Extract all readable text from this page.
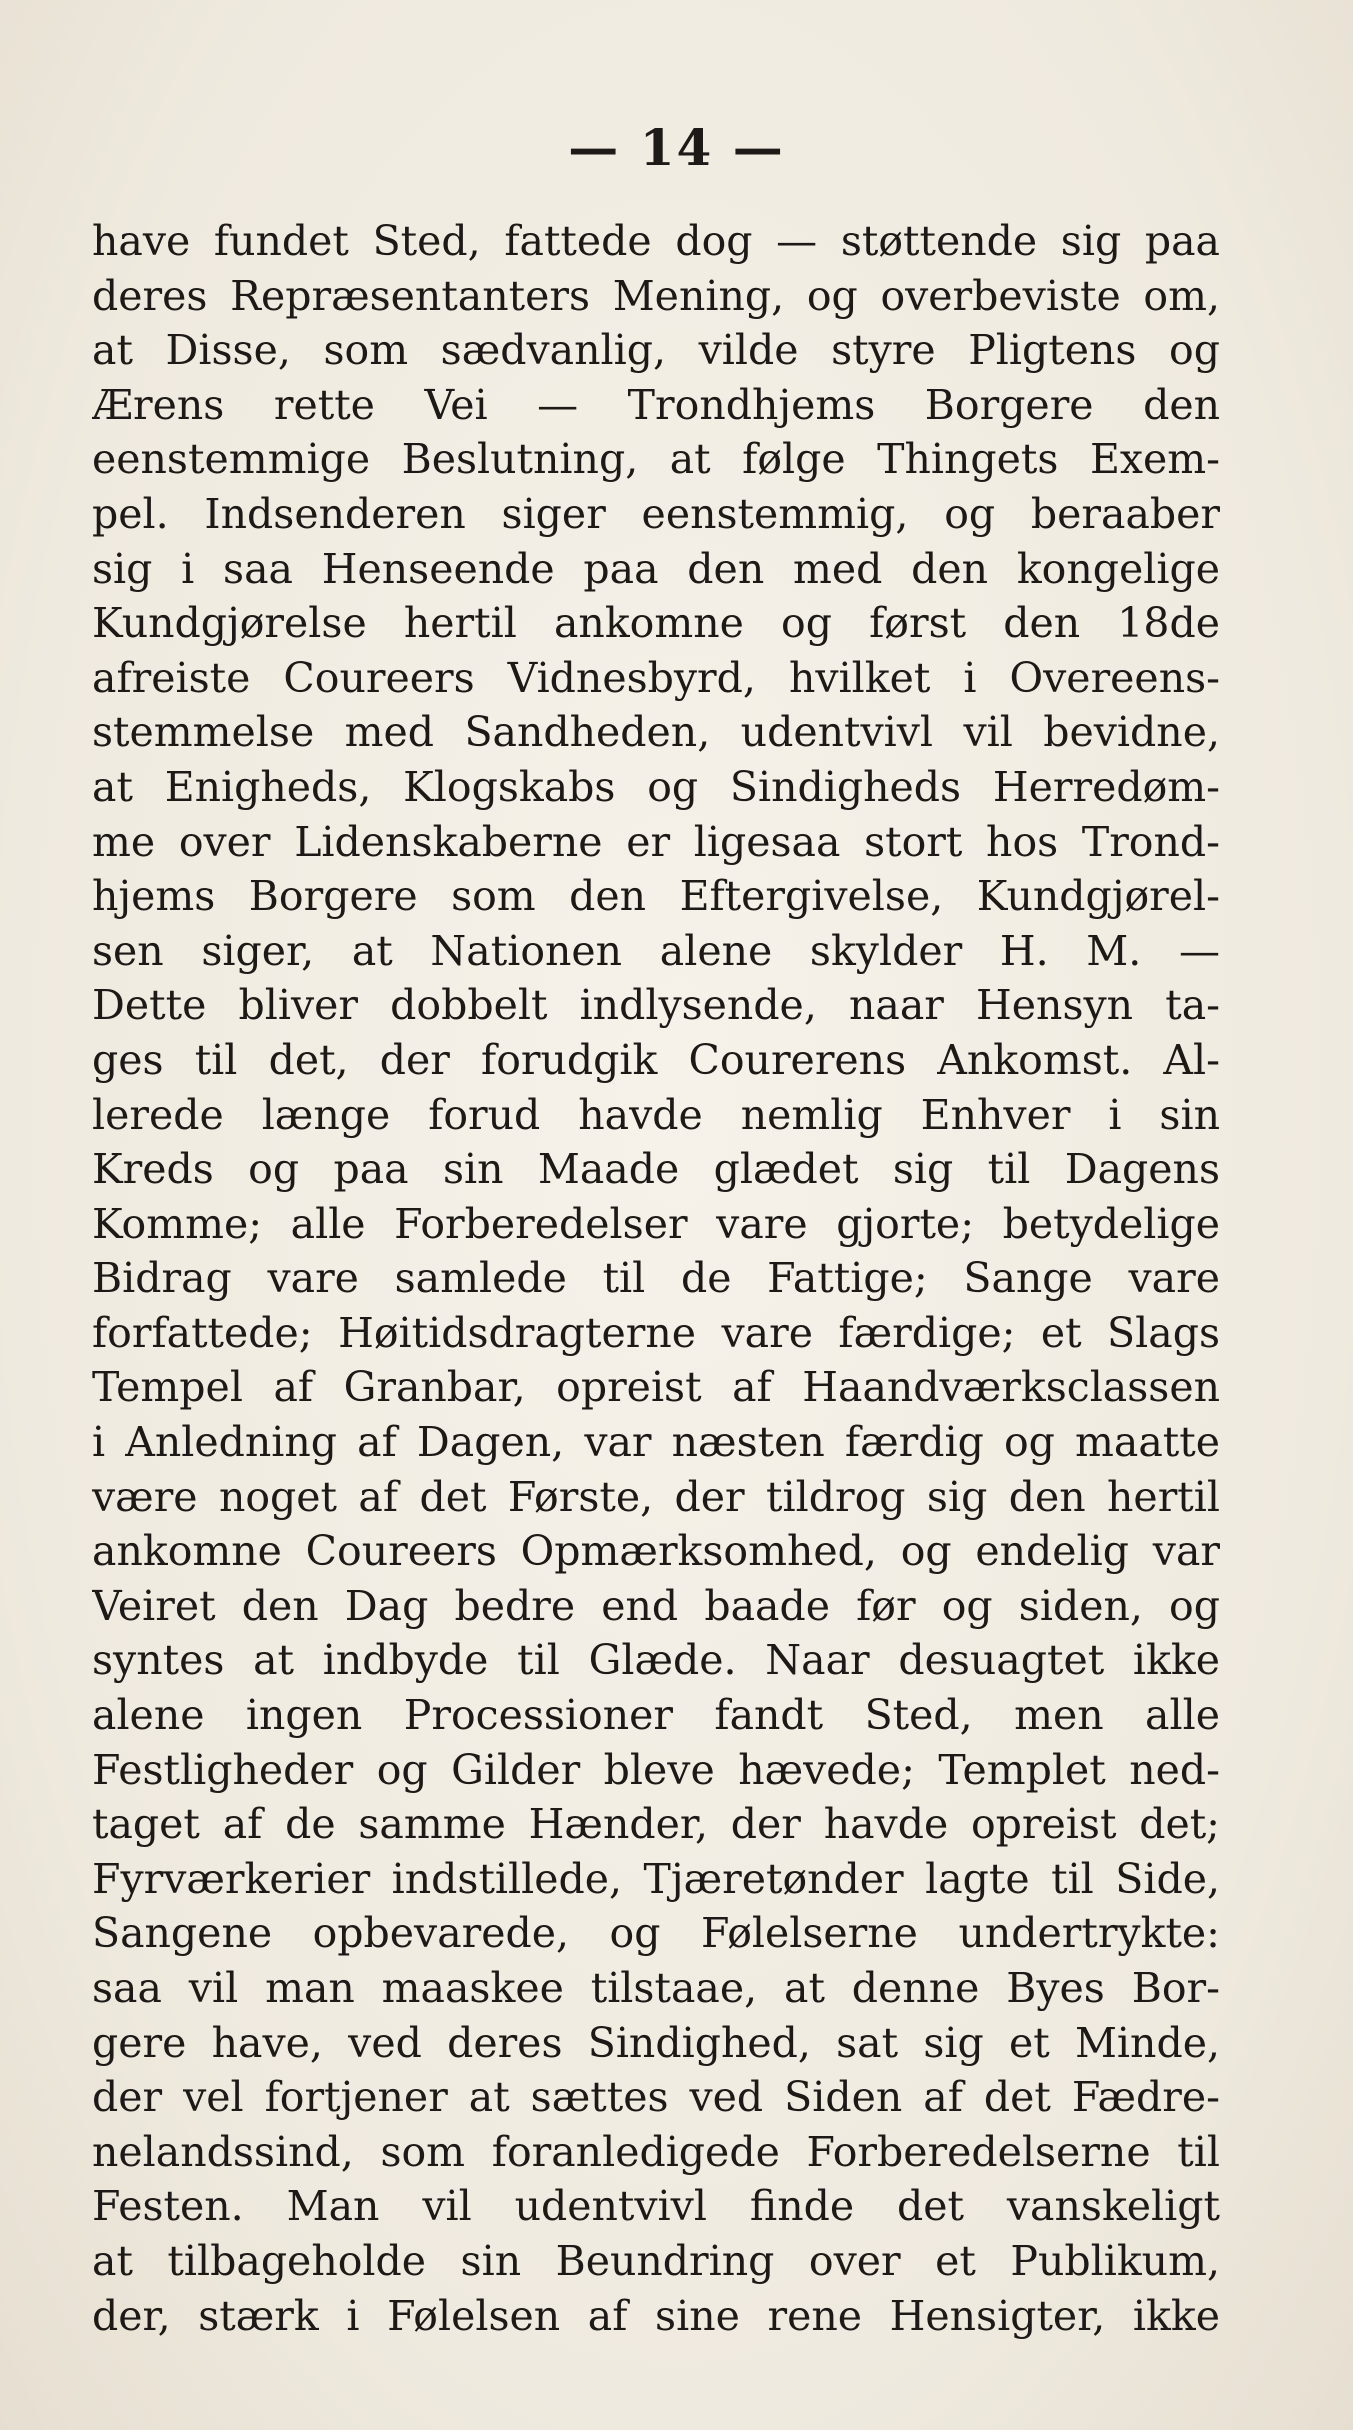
— 14 —
have fundet Sted, fattede dog — støttende sig paa
deres Repræsentanters Mening, og overbeviste om,
at Disse, som sædvanlig, vilde styre Pligtens og
Ærens rette Vei — Trondhjems Borgere den
eenstemmige Beslutning, at følge Thingets Exem-
pel. Indsenderen siger eenstemmig, og beraaber
sig i saa Henseende paa den med den kongelige
Kundgjørelse hertil ankomne og først den 18de
afreiste Coureers Vidnesbyrd, hvilket i Overeens-
stemmelse med Sandheden, udentvivl vil bevidne,
at Enigheds, Klogskabs og Sindigheds Herredøm-
me over Lidenskaberne er ligesaa stort hos Trond-
hjems Borgere som den Eftergivelse, Kundgjørel-
sen siger, at Nationen alene skylder H. M. —
Dette bliver dobbelt indlysende, naar Hensyn ta-
ges til det, der forudgik Courerens Ankomst. Al-
lerede længe forud havde nemlig Enhver i sin
Kreds og paa sin Maade glædet sig til Dagens
Komme; alle Forberedelser vare gjorte; betydelige
Bidrag vare samlede til de Fattige; Sange vare
forfattede; Høitidsdragterne vare færdige; et Slags
Tempel af Granbar, opreist af Haandværksclassen
i Anledning af Dagen, var næsten færdig og maatte
være noget af det Første, der tildrog sig den hertil
ankomne Coureers Opmærksomhed, og endelig var
Veiret den Dag bedre end baade før og siden, og
syntes at indbyde til Glæde. Naar desuagtet ikke
alene ingen Processioner fandt Sted, men alle
Festligheder og Gilder bleve hævede; Templet ned-
taget af de samme Hænder, der havde opreist det;
Fyrværkerier indstillede, Tjæretønder lagte til Side,
Sangene opbevarede, og Følelserne undertrykte:
saa vil man maaskee tilstaae, at denne Byes Bor-
gere have, ved deres Sindighed, sat sig et Minde,
der vel fortjener at sættes ved Siden af det Fædre-
nelandssind, som foranledigede Forberedelserne til
Festen. Man vil udentvivl finde det vanskeligt
at tilbageholde sin Beundring over et Publikum,
der, stærk i Følelsen af sine rene Hensigter, ikke
